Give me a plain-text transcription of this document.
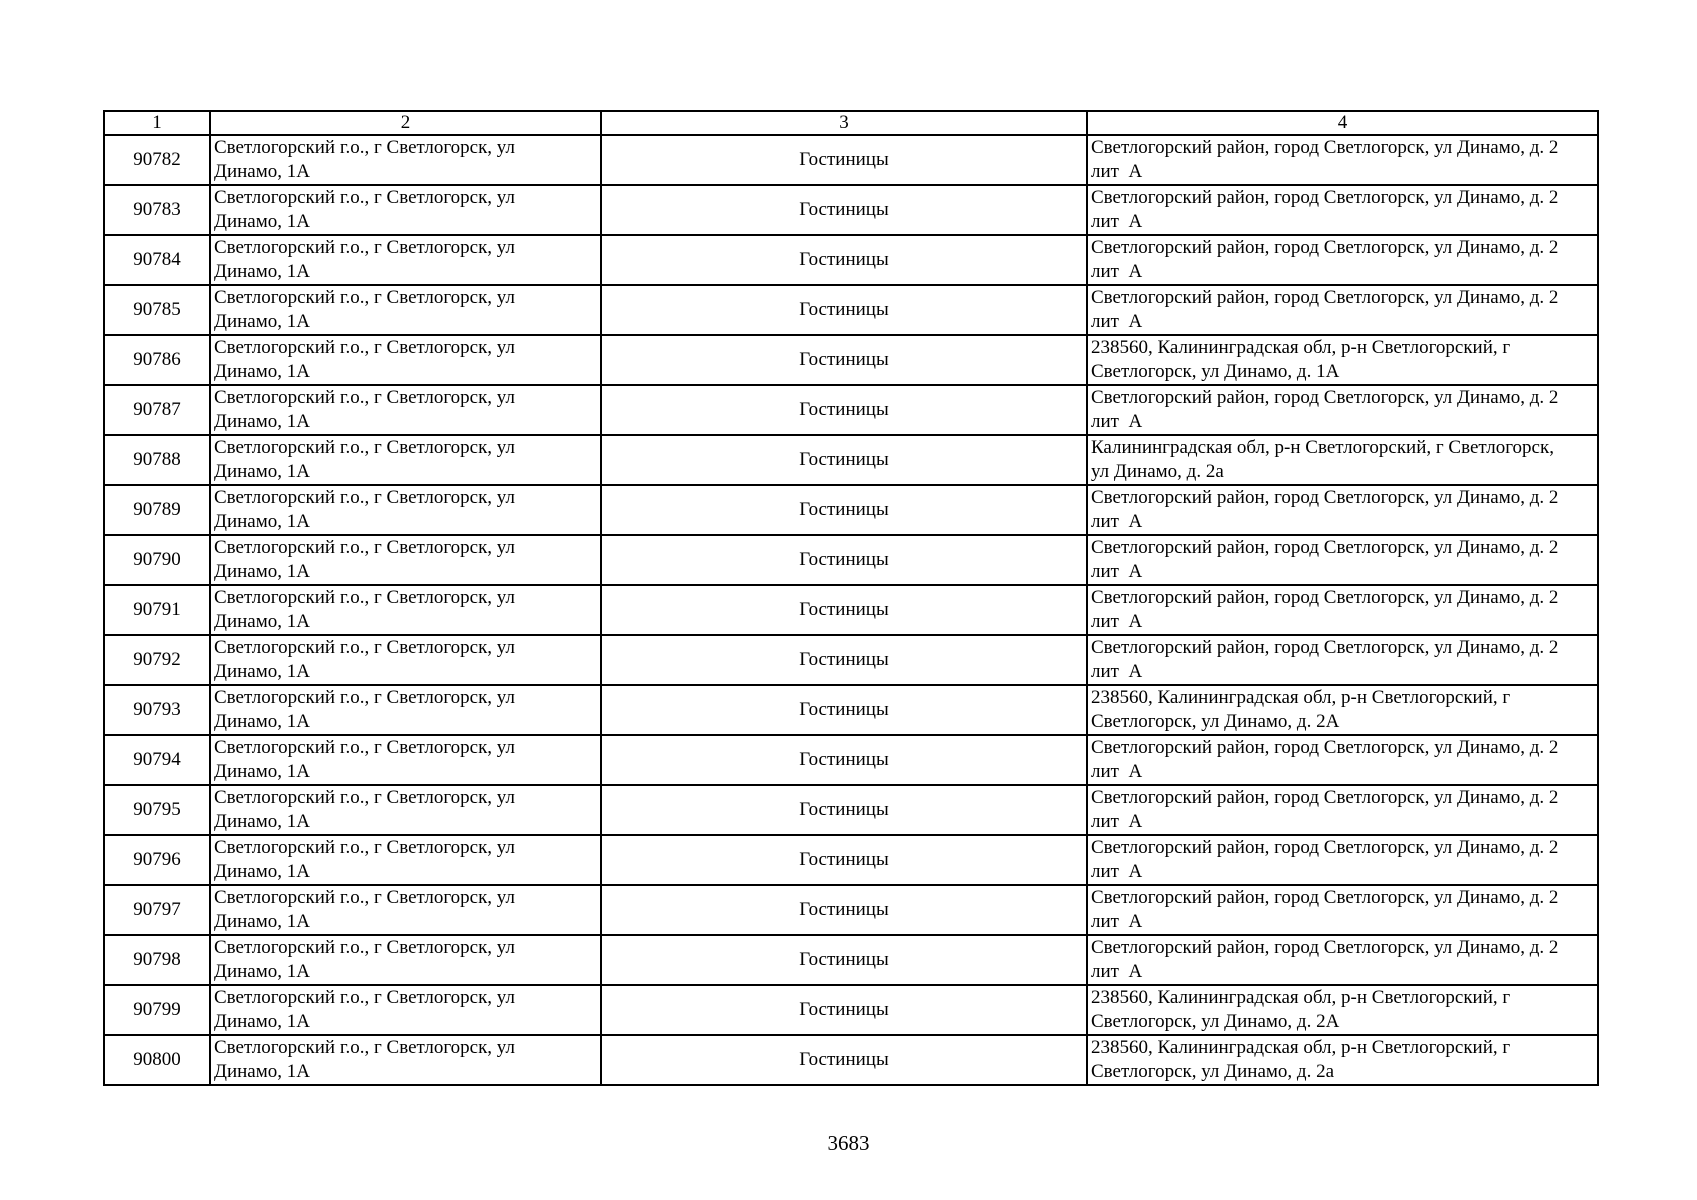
1	2	3	4
90782	Светлогорский г.о., г Светлогорск, ул
Динамо, 1А	Гостиницы	Светлогорский район, город Светлогорск, ул Динамо, д. 2
лит  А
90783	Светлогорский г.о., г Светлогорск, ул
Динамо, 1А	Гостиницы	Светлогорский район, город Светлогорск, ул Динамо, д. 2
лит  А
90784	Светлогорский г.о., г Светлогорск, ул
Динамо, 1А	Гостиницы	Светлогорский район, город Светлогорск, ул Динамо, д. 2
лит  А
90785	Светлогорский г.о., г Светлогорск, ул
Динамо, 1А	Гостиницы	Светлогорский район, город Светлогорск, ул Динамо, д. 2
лит  А
90786	Светлогорский г.о., г Светлогорск, ул
Динамо, 1А	Гостиницы	238560, Калининградская обл, р-н Светлогорский, г
Светлогорск, ул Динамо, д. 1А
90787	Светлогорский г.о., г Светлогорск, ул
Динамо, 1А	Гостиницы	Светлогорский район, город Светлогорск, ул Динамо, д. 2
лит  А
90788	Светлогорский г.о., г Светлогорск, ул
Динамо, 1А	Гостиницы	Калининградская обл, р-н Светлогорский, г Светлогорск,
ул Динамо, д. 2а
90789	Светлогорский г.о., г Светлогорск, ул
Динамо, 1А	Гостиницы	Светлогорский район, город Светлогорск, ул Динамо, д. 2
лит  А
90790	Светлогорский г.о., г Светлогорск, ул
Динамо, 1А	Гостиницы	Светлогорский район, город Светлогорск, ул Динамо, д. 2
лит  А
90791	Светлогорский г.о., г Светлогорск, ул
Динамо, 1А	Гостиницы	Светлогорский район, город Светлогорск, ул Динамо, д. 2
лит  А
90792	Светлогорский г.о., г Светлогорск, ул
Динамо, 1А	Гостиницы	Светлогорский район, город Светлогорск, ул Динамо, д. 2
лит  А
90793	Светлогорский г.о., г Светлогорск, ул
Динамо, 1А	Гостиницы	238560, Калининградская обл, р-н Светлогорский, г
Светлогорск, ул Динамо, д. 2А
90794	Светлогорский г.о., г Светлогорск, ул
Динамо, 1А	Гостиницы	Светлогорский район, город Светлогорск, ул Динамо, д. 2
лит  А
90795	Светлогорский г.о., г Светлогорск, ул
Динамо, 1А	Гостиницы	Светлогорский район, город Светлогорск, ул Динамо, д. 2
лит  А
90796	Светлогорский г.о., г Светлогорск, ул
Динамо, 1А	Гостиницы	Светлогорский район, город Светлогорск, ул Динамо, д. 2
лит  А
90797	Светлогорский г.о., г Светлогорск, ул
Динамо, 1А	Гостиницы	Светлогорский район, город Светлогорск, ул Динамо, д. 2
лит  А
90798	Светлогорский г.о., г Светлогорск, ул
Динамо, 1А	Гостиницы	Светлогорский район, город Светлогорск, ул Динамо, д. 2
лит  А
90799	Светлогорский г.о., г Светлогорск, ул
Динамо, 1А	Гостиницы	238560, Калининградская обл, р-н Светлогорский, г
Светлогорск, ул Динамо, д. 2А
90800	Светлогорский г.о., г Светлогорск, ул
Динамо, 1А	Гостиницы	238560, Калининградская обл, р-н Светлогорский, г
Светлогорск, ул Динамо, д. 2а
3683
